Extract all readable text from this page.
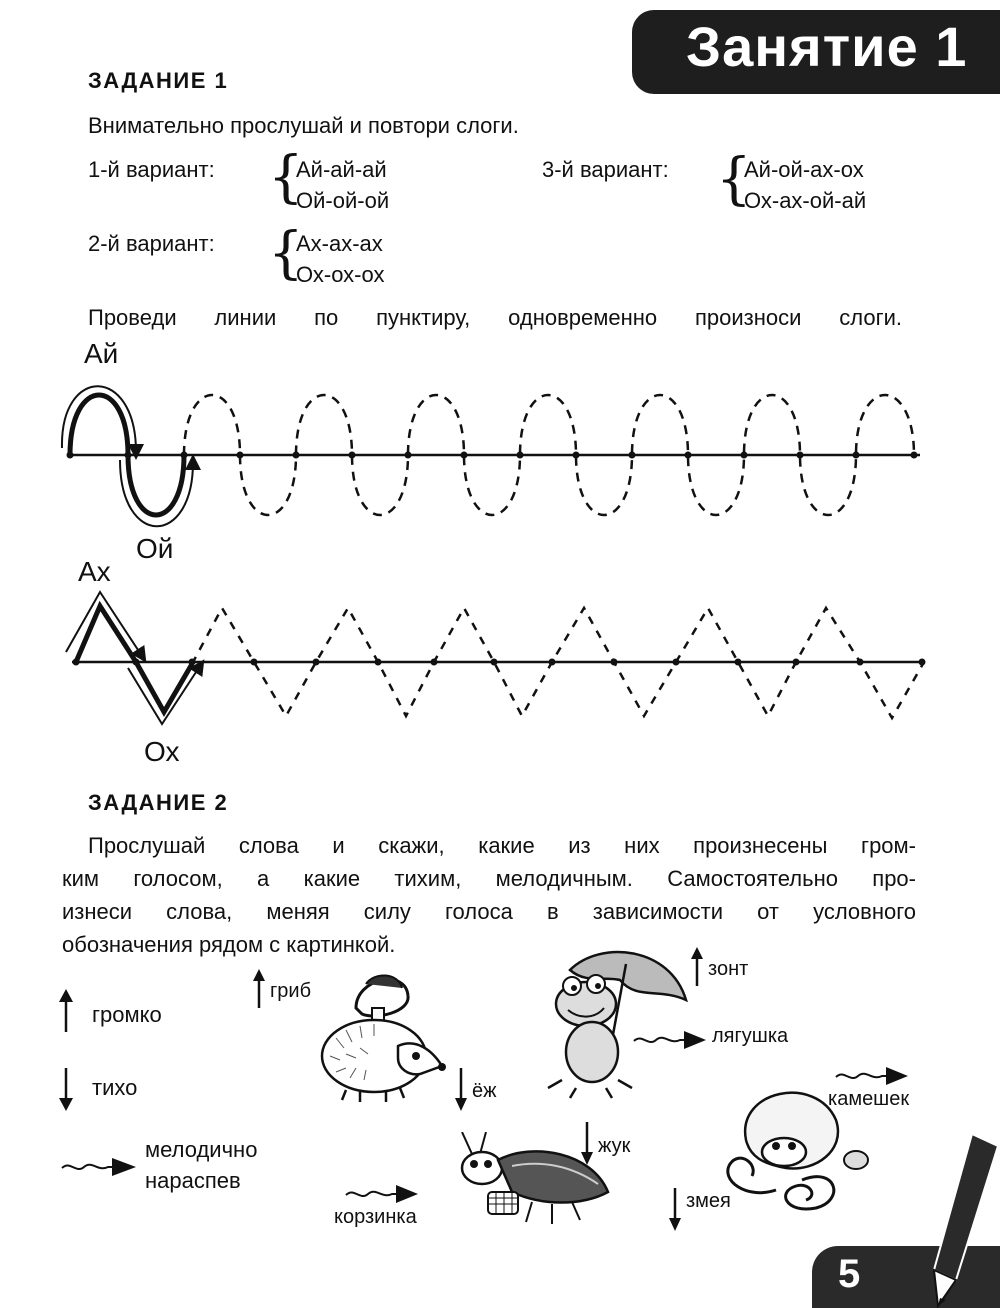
Занятие 1
ЗАДАНИЕ 1
Внимательно прослушай и повтори слоги.
1-й вариант: {
Ай-ай-ай
Ой-ой-ой
2-й вариант: {
Ах-ах-ах
Ох-ох-ох
3-й вариант: {
Ай-ой-ах-ох
Ох-ах-ой-ай
Проведи линии по пунктиру, одновременно произноси слоги.
Ай
Ой
Ах
Ох
ЗАДАНИЕ 2
Прослушай слова и скажи, какие из них произнесены гром-
ким голосом, а какие тихим, мелодичным. Самостоятельно про-
изнеси слова, меняя силу голоса в зависимости от условного
обозначения рядом с картинкой.
громко
тихо
мелодично
нараспев
гриб
ёж
зонт
лягушка
камешек
жук
корзинка
змея
5
